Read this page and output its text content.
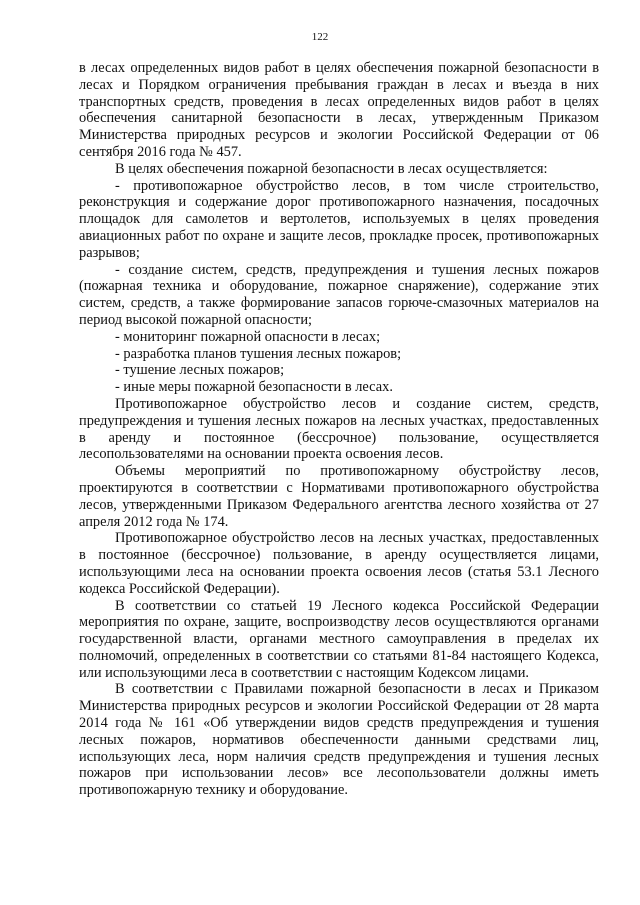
122

в лесах определенных видов работ в целях обеспечения пожарной безопасности в лесах и Порядком ограничения пребывания граждан в лесах и въезда в них транспортных средств, проведения в лесах определенных видов работ в целях обеспечения санитарной безопасности в лесах, утвержденным Приказом Министерства природных ресурсов и экологии Российской Федерации от 06 сентября 2016 года № 457.

В целях обеспечения пожарной безопасности в лесах осуществляется:

- противопожарное обустройство лесов, в том числе строительство, реконструкция и содержание дорог противопожарного назначения, посадочных площадок для самолетов и вертолетов, используемых в целях проведения авиационных работ по охране и защите лесов, прокладке просек, противопожарных разрывов;

- создание систем, средств, предупреждения и тушения лесных пожаров (пожарная техника и оборудование, пожарное снаряжение), содержание этих систем, средств, а также формирование запасов горюче-смазочных материалов на период высокой пожарной опасности;

- мониторинг пожарной опасности в лесах;

- разработка планов тушения лесных пожаров;

- тушение лесных пожаров;

- иные меры пожарной безопасности в лесах.

Противопожарное обустройство лесов и создание систем, средств, предупреждения и тушения лесных пожаров на лесных участках, предоставленных в аренду и постоянное (бессрочное) пользование, осуществляется лесопользователями на основании проекта освоения лесов.

Объемы мероприятий по противопожарному обустройству лесов, проектируются в соответствии с Нормативами противопожарного обустройства лесов, утвержденными Приказом Федерального агентства лесного хозяйства от 27 апреля 2012 года № 174.

Противопожарное обустройство лесов на лесных участках, предоставленных в постоянное (бессрочное) пользование, в аренду осуществляется лицами, использующими леса на основании проекта освоения лесов (статья 53.1 Лесного кодекса Российской Федерации).

В соответствии со статьей 19 Лесного кодекса Российской Федерации мероприятия по охране, защите, воспроизводству лесов осуществляются органами государственной власти, органами местного самоуправления в пределах их полномочий, определенных в соответствии со статьями 81-84 настоящего Кодекса, или использующими леса в соответствии с настоящим Кодексом лицами.

В соответствии с Правилами пожарной безопасности в лесах и Приказом Министерства природных ресурсов и экологии Российской Федерации от 28 марта 2014 года № 161 «Об утверждении видов средств предупреждения и тушения лесных пожаров, нормативов обеспеченности данными средствами лиц, использующих леса, норм наличия средств предупреждения и тушения лесных пожаров при использовании лесов» все лесопользователи должны иметь противопожарную технику и оборудование.
